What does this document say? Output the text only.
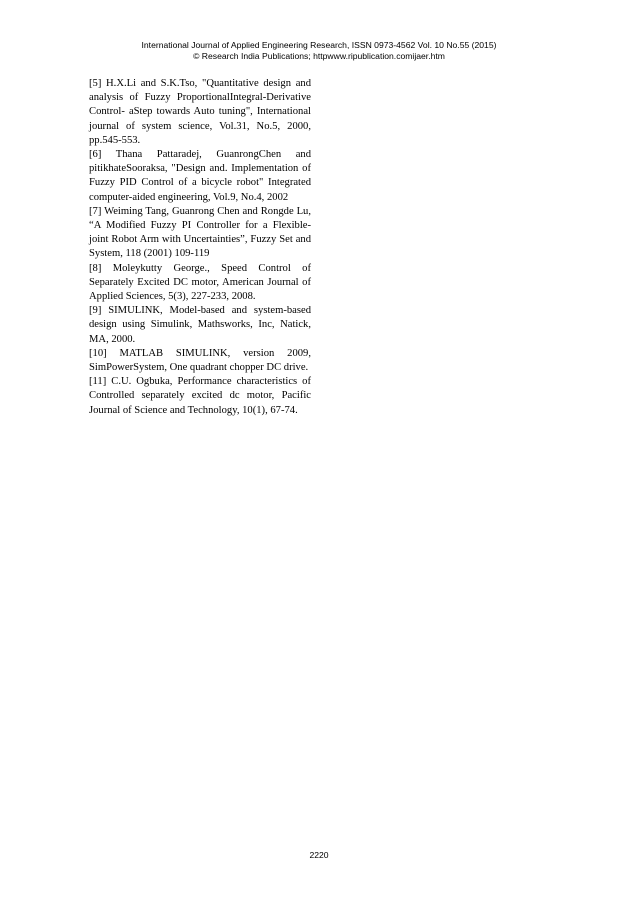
International Journal of Applied Engineering Research, ISSN 0973-4562 Vol. 10 No.55 (2015)
© Research India Publications; httpwww.ripublication.comijaer.htm

[5] H.X.Li and S.K.Tso, "Quantitative design and analysis of Fuzzy ProportionalIntegral-Derivative Control- aStep towards Auto tuning", International journal of system science, Vol.31, No.5, 2000, pp.545-553.

[6] Thana Pattaradej, GuanrongChen and pitikhateSooraksa, "Design and. Implementation of Fuzzy PID Control of a bicycle robot" Integrated computer-aided engineering, Vol.9, No.4, 2002

[7] Weiming Tang, Guanrong Chen and Rongde Lu, “A Modified Fuzzy PI Controller for a Flexible-joint Robot Arm with Uncertainties”, Fuzzy Set and System, 118 (2001) 109-119

[8] Moleykutty George., Speed Control of Separately Excited DC motor, American Journal of Applied Sciences, 5(3), 227-233, 2008.

[9] SIMULINK, Model-based and system-based design using Simulink, Mathsworks, Inc, Natick, MA, 2000.

[10] MATLAB SIMULINK, version 2009, SimPowerSystem, One quadrant chopper DC drive.

[11] C.U. Ogbuka, Performance characteristics of Controlled separately excited dc motor, Pacific Journal of Science and Technology, 10(1), 67-74.

2220
